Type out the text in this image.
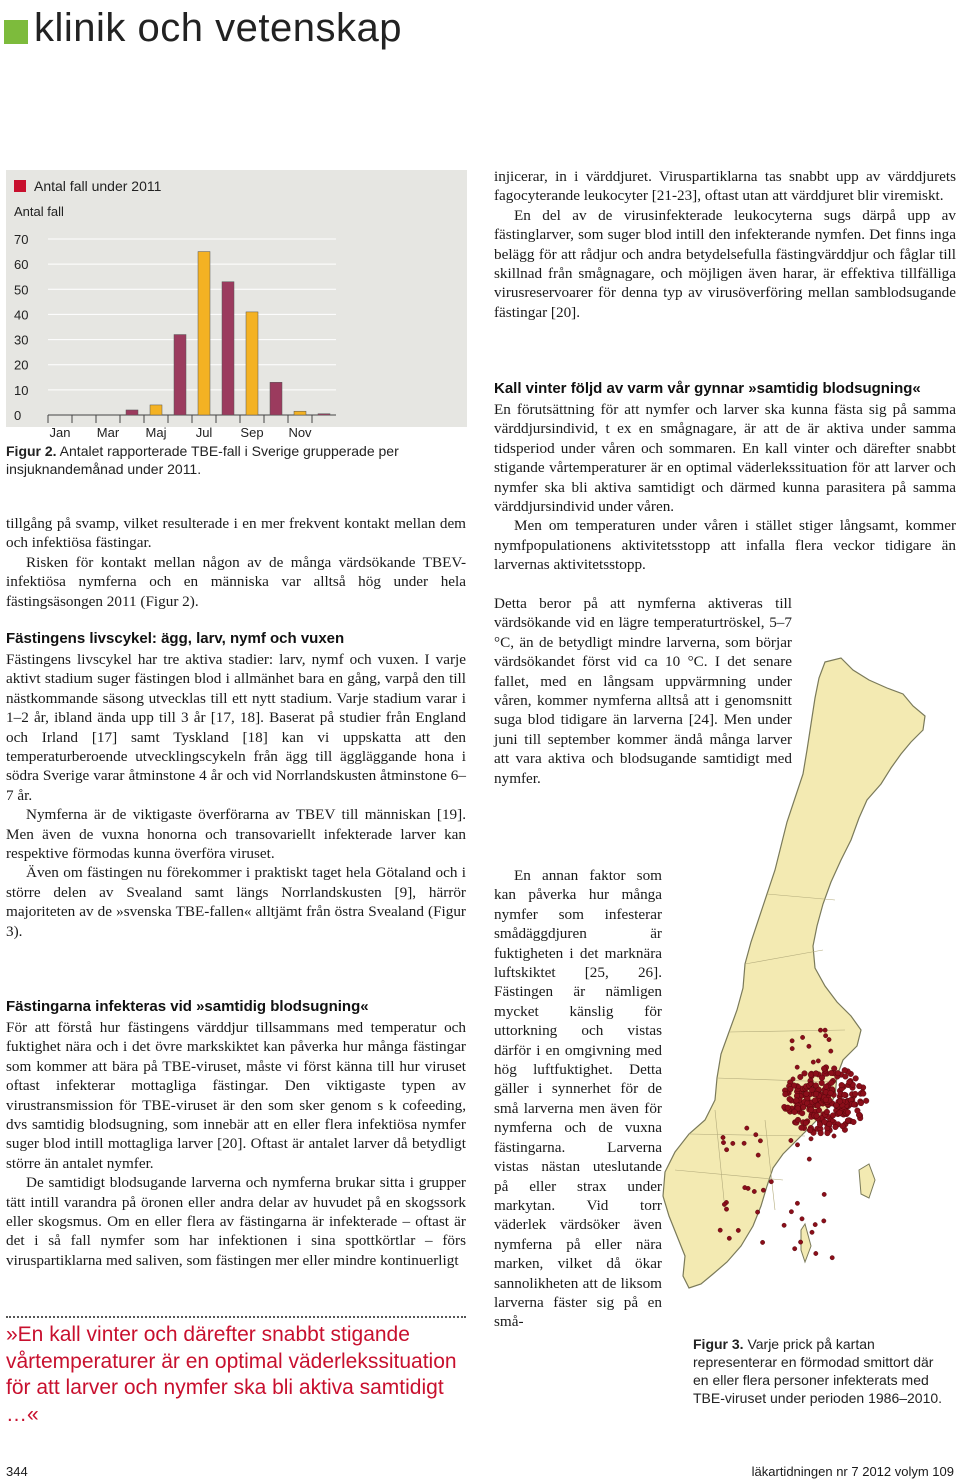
klinik och vetenskap
Antal fall
0
10
20
30
40
50
60
70
Jan Mar Maj Jul Sep Nov
Antal fall under 2011
Figur 2. Antalet rapporterade TBE-fall i Sverige grupperade per insjuknandemånad under 2011.

tillgång på svamp, vilket resulterade i en mer frekvent kontakt mellan dem och infektiösa fästingar.

Risken för kontakt mellan någon av de många värdsökande TBEV-infektiösa nymferna och en människa var alltså hög under hela fästingsäsongen 2011 (Figur 2).

Fästingens livscykel: ägg, larv, nymf och vuxen

Fästingens livscykel har tre aktiva stadier: larv, nymf och vuxen. I varje aktivt stadium suger fästingen blod i allmänhet bara en gång, varpå den till nästkommande säsong utvecklas till ett nytt stadium. Varje stadium varar i 1–2 år, ibland ända upp till 3 år [17, 18]. Baserat på studier från England och Irland [17] samt Tyskland [18] kan vi uppskatta att den temperaturberoende utvecklingscykeln från ägg till äggläggande hona i södra Sverige varar åtminstone 4 år och vid Norrlandskusten åtminstone 6–7 år.

Nymferna är de viktigaste överförarna av TBEV till människan [19]. Men även de vuxna honorna och transovariellt infekterade larver kan respektive förmodas kunna överföra viruset.

Även om fästingen nu förekommer i praktiskt taget hela Götaland och i större delen av Svealand samt längs Norrlandskusten [9], härrör majoriteten av de »svenska TBE-fallen« alltjämt från östra Svealand (Figur 3).

Fästingarna infekteras vid »samtidig blodsugning«

För att förstå hur fästingens värddjur tillsammans med temperatur och fuktighet nära och i det övre markskiktet kan påverka hur många fästingar som kommer att bära på TBE-viruset, måste vi först känna till hur viruset oftast infekterar mottagliga fästingar. Den viktigaste typen av virustransmission för TBE-viruset är den som sker genom s k cofeeding, dvs samtidig blodsugning, som innebär att en eller flera infektiösa nymfer suger blod intill mottagliga larver [20]. Oftast är antalet larver då betydligt större än antalet nymfer.

De samtidigt blodsugande larverna och nymferna brukar sitta i grupper tätt intill varandra på öronen eller andra delar av huvudet på en skogssork eller skogsmus. Om en eller flera av fästingarna är infekterade – oftast är det i så fall nymfer som har infektionen i sina spottkörtlar – förs viruspartiklarna med saliven, som fästingen mer eller mindre kontinuerligt

»En kall vinter och därefter snabbt stigande vårtemperaturer är en optimal väderlekssituation för att larver och nymfer ska bli aktiva samtidigt …«

injicerar, in i värddjuret. Viruspartiklarna tas snabbt upp av värddjurets fagocyterande leukocyter [21-23], oftast utan att värddjuret blir viremiskt.

En del av de virusinfekterade leukocyterna sugs därpå upp av fästinglarver, som suger blod intill den infekterande nymfen. Det finns inga belägg för att rådjur och andra betydelsefulla fästingvärddjur och fåglar till skillnad från smågnagare, och möjligen även harar, är effektiva tillfälliga virusreservoarer för denna typ av virusöverföring mellan samblodsugande fästingar [20].

Kall vinter följd av varm vår gynnar »samtidig blodsugning«

En förutsättning för att nymfer och larver ska kunna fästa sig på samma värddjursindivid, t ex en smågnagare, är att de är aktiva under samma tidsperiod under våren och sommaren. En kall vinter och därefter snabbt stigande vårtemperaturer är en optimal väderlekssituation för att larver och nymfer ska bli aktiva samtidigt och därmed kunna parasitera på samma värddjursindivid under våren.

Men om temperaturen under våren i stället stiger långsamt, kommer nymfpopulationens aktivitetsstopp att infalla flera veckor tidigare än larvernas aktivitetsstopp.

Detta beror på att nymferna aktiveras till värdsökande vid en lägre temperaturtröskel, 5–7 °C, än de betydligt mindre larverna, som börjar värdsökandet först vid ca 10 °C. I det senare fallet, med en långsam uppvärmning under våren, kommer nymferna alltså att i genomsnitt suga blod tidigare än larverna [24]. Men under juni till september kommer ändå många larver att vara aktiva och blodsugande samtidigt med nymfer.

En annan faktor som kan påverka hur många nymfer som infesterar smådäggdjuren är fuktigheten i det marknära luftskiktet [25, 26]. Fästingen är nämligen mycket känslig för uttorkning och vistas därför i en omgivning med hög luftfuktighet. Detta gäller i synnerhet för de små larverna men även för nymferna och de vuxna fästingarna. Larverna vistas nästan uteslutande på eller strax under markytan. Vid torr väderlek värdsöker även nymferna på eller nära marken, vilket då ökar sannolikheten att de liksom larverna fäster sig på en små-

Figur 3. Varje prick på kartan representerar en förmodad smittort där en eller flera personer infekterats med TBE-viruset under perioden 1986–2010.
344	läkartidningen nr 7 2012 volym 109
